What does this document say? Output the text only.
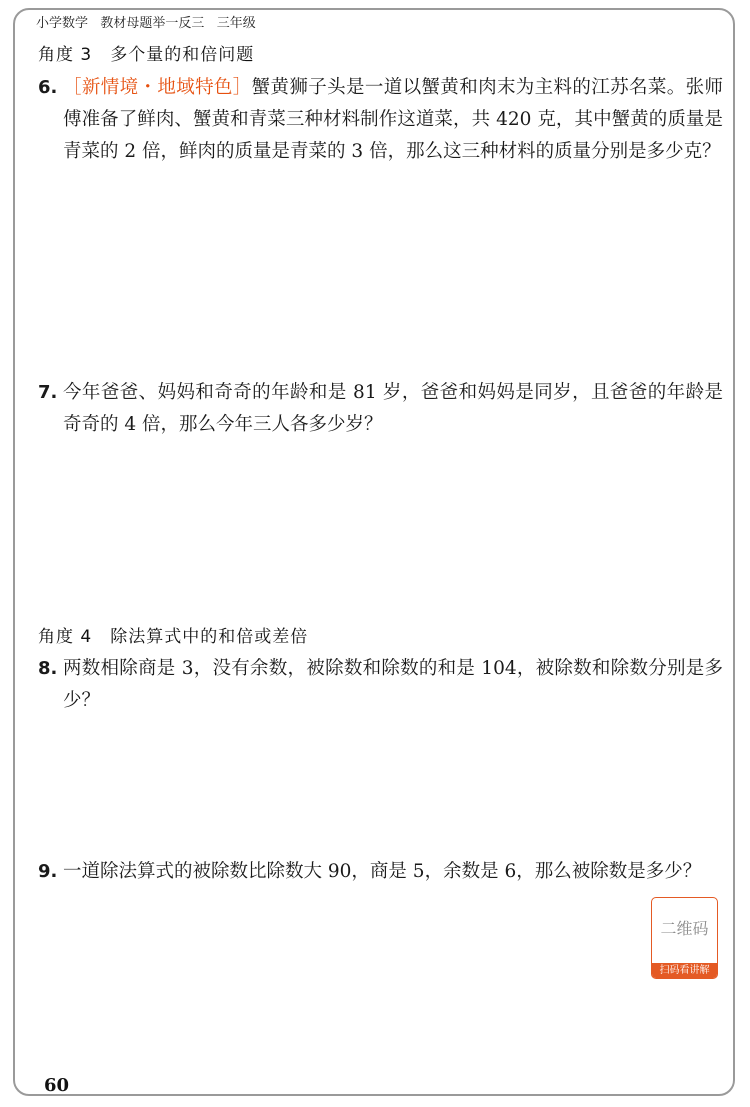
小学数学   教材母题举一反三   三年级
角度 3 多个量的和倍问题
6. ［新情境・地域特色］蟹黄狮子头是一道以蟹黄和肉末为主料的江苏名菜。张师傅准备了鲜肉、蟹黄和青菜三种材料制作这道菜，共 420 克，其中蟹黄的质量是青菜的 2 倍，鲜肉的质量是青菜的 3 倍，那么这三种材料的质量分别是多少克？
7. 今年爸爸、妈妈和奇奇的年龄和是 81 岁，爸爸和妈妈是同岁，且爸爸的年龄是奇奇的 4 倍，那么今年三人各多少岁？
角度 4 除法算式中的和倍或差倍
8. 两数相除商是 3，没有余数，被除数和除数的和是 104，被除数和除数分别是多少？
9. 一道除法算式的被除数比除数大 90，商是 5，余数是 6，那么被除数是多少？
二维码
扫码看讲解
60
